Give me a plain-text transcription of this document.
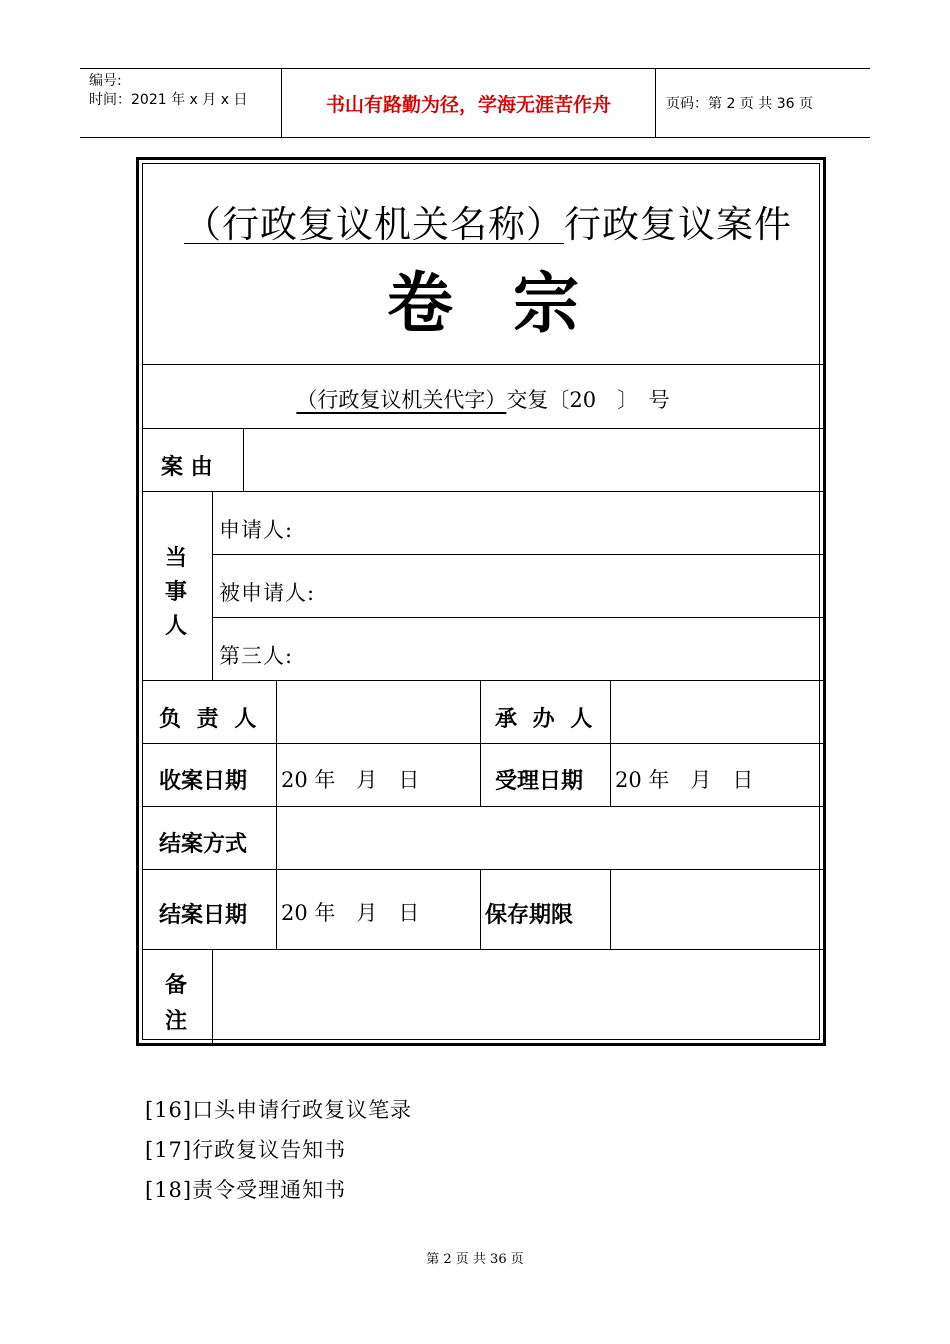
编号:
时间：2021 年 x 月 x 日	书山有路勤为径，学海无涯苦作舟	页码：第 2 页 共 36 页
（行政复议机关名称）行政复议案件
卷宗
（行政复议机关代字）交复〔20　〕　号
案 由
当事人
申请人:
被申请人:
第三人:
负 责 人	承 办 人
收案日期 20 年　月　日	受理日期 20 年　月　日
结案方式
结案日期 20 年　月　日	保存期限
备注
[16]口头申请行政复议笔录
[17]行政复议告知书
[18]责令受理通知书
第 2 页 共 36 页
